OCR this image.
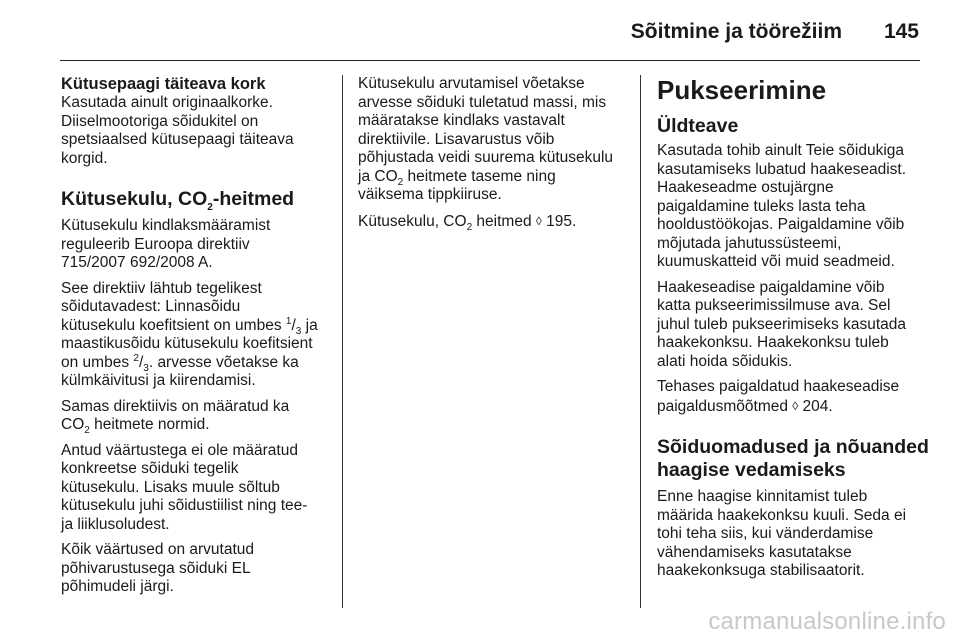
Sõitmine ja töörežiim 145
Kütusepaagi täiteava kork

Kasutada ainult originaalkorke.
Diiselmootoriga sõidukitel on
spetsiaalsed kütusepaagi täiteava
korgid.

Kütusekulu, $CO_2$-heitmed

Kütusekulu kindlaksmääramist
reguleerib Euroopa direktiiv
715/2007 692/2008 A.

See direktiiv lähtub tegelikest
sõidutavadest: Linnasõidu
kütusekulu koefitsient on umbes $^1/_3$ ja
maastikusõidu kütusekulu koefitsient
on umbes $^2/_3$. arvesse võetakse ka
külmkäivitusi ja kiirendamisi.

Samas direktiivis on määratud ka
$CO_2$ heitmete normid.

Antud väärtustega ei ole määratud
konkreetse sõiduki tegelik
kütusekulu. Lisaks muule sõltub
kütusekulu juhi sõidustiilist ning tee-
ja liiklusoludest.

Kõik väärtused on arvutatud
põhivarustusega sõiduki EL
põhimudeli järgi.

Kütusekulu arvutamisel võetakse
arvesse sõiduki tuletatud massi, mis
määratakse kindlaks vastavalt
direktiivile. Lisavarustus võib
põhjustada veidi suurema kütusekulu
ja $CO_2$ heitmete taseme ning
väiksema tippkiiruse.

Kütusekulu, $CO_2$ heitmed ◊ 195.

Pukseerimine
Üldteave

Kasutada tohib ainult Teie sõidukiga
kasutamiseks lubatud haakeseadist.
Haakeseadme ostujärgne
paigaldamine tuleks lasta teha
hooldustöökojas. Paigaldamine võib
mõjutada jahutussüsteemi,
kuumuskatteid või muid seadmeid.

Haakeseadise paigaldamine võib
katta pukseerimissilmuse ava. Sel
juhul tuleb pukseerimiseks kasutada
haakekonksu. Haakekonksu tuleb
alati hoida sõidukis.

Tehases paigaldatud haakeseadise
paigaldusmõõtmed ◊ 204.

Sõiduomadused ja nõuanded
haagise vedamiseks

Enne haagise kinnitamist tuleb
määrida haakekonksu kuuli. Seda ei
tohi teha siis, kui vänderdamise
vähendamiseks kasutatakse
haakekonksuga stabilisaatorit.

carmanualsonline.info
